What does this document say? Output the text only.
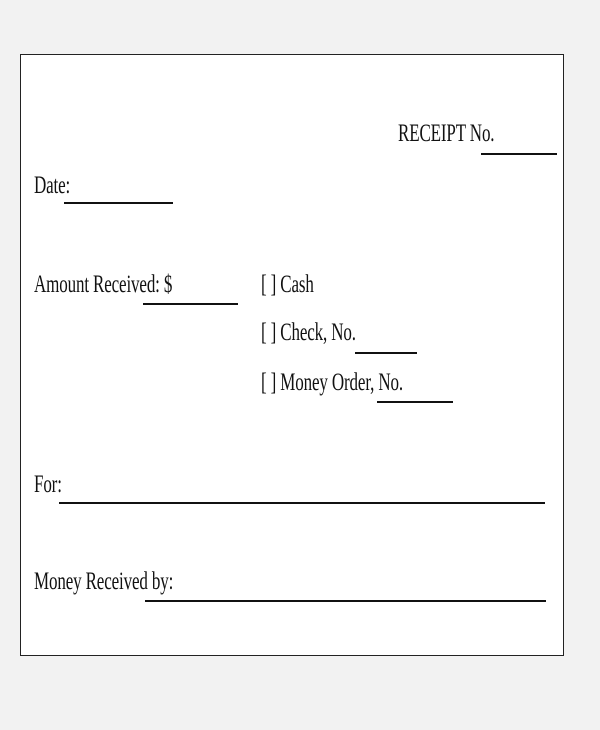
RECEIPT No.
Date:
Amount Received: $	[ ] Cash
[ ] Check, No.
[ ] Money Order, No.
For:
Money Received by:
